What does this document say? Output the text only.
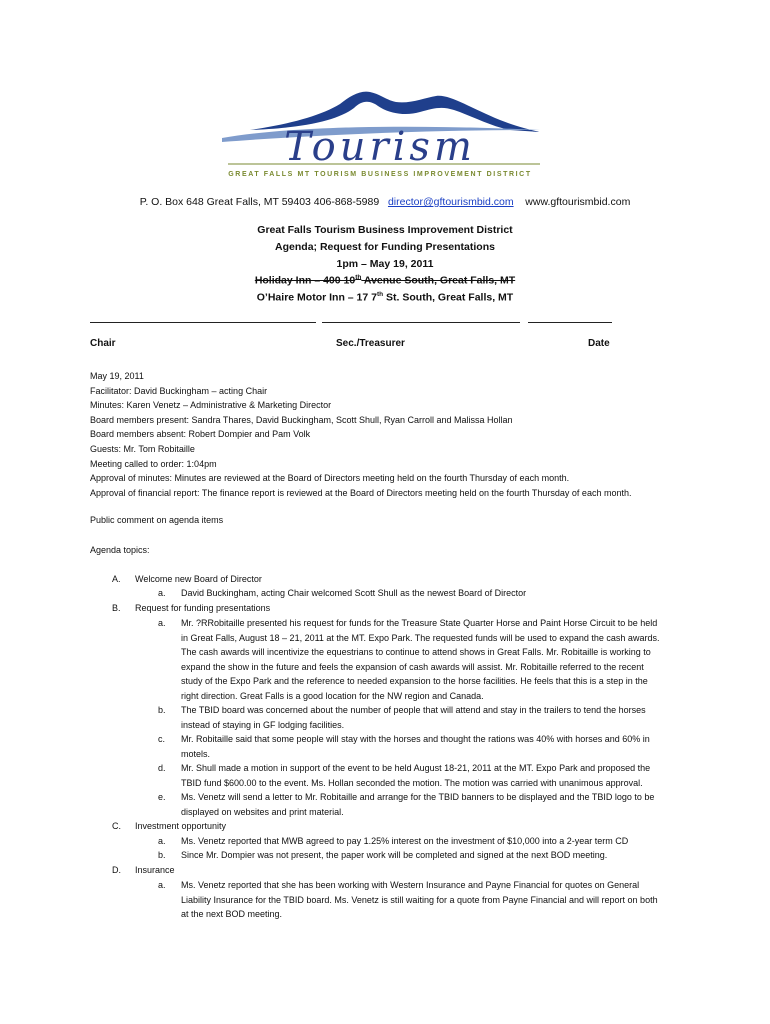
Tourism
GREAT FALLS MT TOURISM BUSINESS IMPROVEMENT DISTRICT
P. O. Box 648 Great Falls, MT 59403 406-868-5989 director@gftourismbid.com www.gftourismbid.com
Great Falls Tourism Business Improvement District
Agenda; Request for Funding Presentations
1pm – May 19, 2011
Holiday Inn – 400 10th Avenue South, Great Falls, MT
O’Haire Motor Inn – 17 7th St. South, Great Falls, MT
Chair	Sec./Treasurer	Date
May 19, 2011
Facilitator: David Buckingham – acting Chair
Minutes: Karen Venetz – Administrative & Marketing Director
Board members present: Sandra Thares, David Buckingham, Scott Shull, Ryan Carroll and Malissa Hollan
Board members absent: Robert Dompier and Pam Volk
Guests: Mr. Tom Robitaille
Meeting called to order: 1:04pm
Approval of minutes: Minutes are reviewed at the Board of Directors meeting held on the fourth Thursday of each month.
Approval of financial report: The finance report is reviewed at the Board of Directors meeting held on the fourth Thursday of each month.
Public comment on agenda items
Agenda topics:
A. Welcome new Board of Director
a. David Buckingham, acting Chair welcomed Scott Shull as the newest Board of Director
B. Request for funding presentations
a. Mr. ?RRobitaille presented his request for funds for the Treasure State Quarter Horse and Paint Horse Circuit to be held
in Great Falls, August 18 – 21, 2011 at the MT. Expo Park. The requested funds will be used to expand the cash awards.
The cash awards will incentivize the equestrians to continue to attend shows in Great Falls. Mr. Robitaille is working to
expand the show in the future and feels the expansion of cash awards will assist. Mr. Robitaille referred to the recent
study of the Expo Park and the reference to needed expansion to the horse facilities. He feels that this is a step in the
right direction. Great Falls is a good location for the NW region and Canada.
b. The TBID board was concerned about the number of people that will attend and stay in the trailers to tend the horses
instead of staying in GF lodging facilities.
c. Mr. Robitaille said that some people will stay with the horses and thought the rations was 40% with horses and 60% in
motels.
d. Mr. Shull made a motion in support of the event to be held August 18-21, 2011 at the MT. Expo Park and proposed the
TBID fund $600.00 to the event. Ms. Hollan seconded the motion. The motion was carried with unanimous approval.
e. Ms. Venetz will send a letter to Mr. Robitaille and arrange for the TBID banners to be displayed and the TBID logo to be
displayed on websites and print material.
C. Investment opportunity
a. Ms. Venetz reported that MWB agreed to pay 1.25% interest on the investment of $10,000 into a 2-year term CD
b. Since Mr. Dompier was not present, the paper work will be completed and signed at the next BOD meeting.
D. Insurance
a. Ms. Venetz reported that she has been working with Western Insurance and Payne Financial for quotes on General
Liability Insurance for the TBID board. Ms. Venetz is still waiting for a quote from Payne Financial and will report on both
at the next BOD meeting.
